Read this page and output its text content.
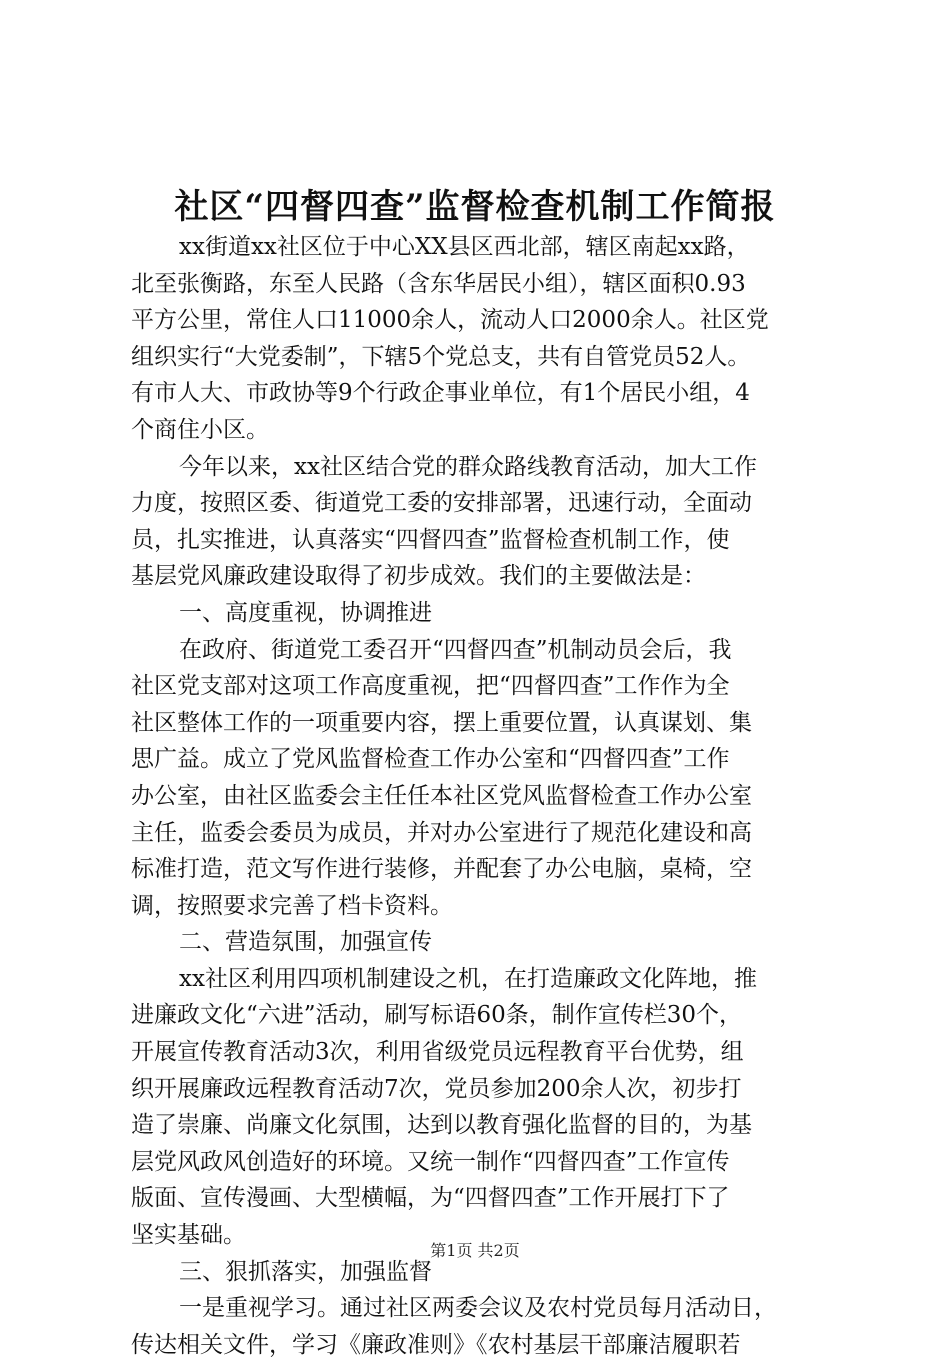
社区“四督四查”监督检查机制工作简报
xx街道xx社区位于中心XX县区西北部，辖区南起xx路，
北至张衡路，东至人民路（含东华居民小组），辖区面积0.93
平方公里，常住人口11000余人，流动人口2000余人。社区党
组织实行“大党委制”，下辖5个党总支，共有自管党员52人。
有市人大、市政协等9个行政企事业单位，有1个居民小组，4
个商住小区。
今年以来，xx社区结合党的群众路线教育活动，加大工作
力度，按照区委、街道党工委的安排部署，迅速行动，全面动
员，扎实推进，认真落实“四督四查”监督检查机制工作，使
基层党风廉政建设取得了初步成效。我们的主要做法是：
一、高度重视，协调推进
在政府、街道党工委召开“四督四查”机制动员会后，我
社区党支部对这项工作高度重视，把“四督四查”工作作为全
社区整体工作的一项重要内容，摆上重要位置，认真谋划、集
思广益。成立了党风监督检查工作办公室和“四督四查”工作
办公室，由社区监委会主任任本社区党风监督检查工作办公室
主任，监委会委员为成员，并对办公室进行了规范化建设和高
标准打造，范文写作进行装修，并配套了办公电脑，桌椅，空
调，按照要求完善了档卡资料。
二、营造氛围，加强宣传
xx社区利用四项机制建设之机，在打造廉政文化阵地，推
进廉政文化“六进”活动，刷写标语60条，制作宣传栏30个，
开展宣传教育活动3次，利用省级党员远程教育平台优势，组
织开展廉政远程教育活动7次，党员参加200余人次，初步打
造了崇廉、尚廉文化氛围，达到以教育强化监督的目的，为基
层党风政风创造好的环境。又统一制作“四督四查”工作宣传
版面、宣传漫画、大型横幅，为“四督四查”工作开展打下了
坚实基础。
三、狠抓落实，加强监督
一是重视学习。通过社区两委会议及农村党员每月活动日，
传达相关文件，学习《廉政准则》《农村基层干部廉洁履职若
第1页 共2页
